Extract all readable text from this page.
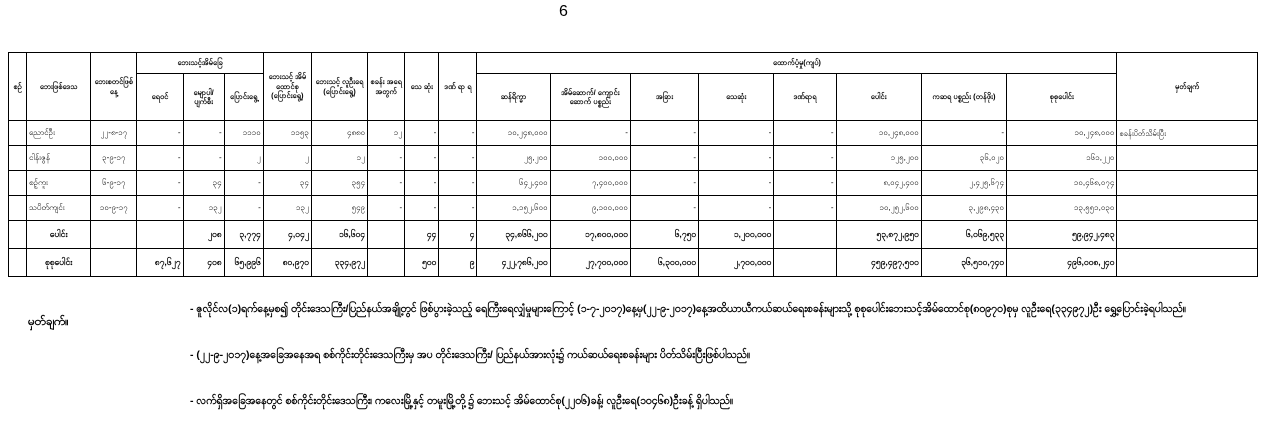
6
စဉ်	ဘေးဖြစ်ဒေသ	ဘေးစတင်ဖြစ်နေ့	ဘေးသင့်အိမ်ခြေ			ဘေးသင့် အိမ် ထောင်စု (ပြောင်းရွေ့)	ဘေးသင့် လူဦးရေ (ပြောင်းရွေ့)	စခန်း အရေ အတွက်	သေ ဆုံး	ဒဏ် ရာ ရ	ထောက်ပံ့မှု(ကျပ်)								မှတ်ချက်
			ရေဝင်	မျောပါ/ ပျက်စီး	ပြောင်းရွေ့						ဆန်ရိက္ခာ	အိမ်ဆောက်/ ကျောင်းဆောက် ပစ္စည်း	အခြား	သေဆုံး	ဒဏ်ရာရ	ပေါင်း	ကဆရ ပစ္စည်း (တန်ဖိုး)	စုစုပေါင်း	
	ညောင်ဦး	၂၂-၈-၁၇	-	-	၁၁၁၀	၁၁၅၃	၄၈၈၀	၁၂	-	-	၁၀,၂၄၈,၀၀၀	-	-	-	-	၁၀,၂၄၈,၀၀၀	-	၁၀,၂၄၈,၀၀၀	စခန်းပိတ်သိမ်းပြီး
	ငါန်းဇွန်	၃-၉-၁၇	-	-	၂	၂	၁၂	-	-	-	၂၅,၂၀၀	၁၀၀,၀၀၀	-	-	-	၁၂၅,၂၀၀	၃၆,၀၂၀	၁၆၁,၂၂၀	
	စဉ့်ကူး	၆-၉-၁၇	-	၃၄	-	၃၄	၃၅၄	-	-	-	၆၄၂,၄၀၀	၇,၄၀၀,၀၀၀	-	-	-	၈,၀၄၂,၄၀၀	၂,၄၂၅,၆၇၄	၁၀,၄၆၈,၀၇၄	
	သပိတ်ကျင်း	၁၀-၉-၁၇	-	၁၃၂	-	၁၃၂	၅၄၉	-	-	-	၁,၁၅၂,၆၀၀	၉,၁၀၀,၀၀၀	-	-	-	၁၀,၂၅၂,၆၀၀	၃,၂၉၈,၄၃၀	၁၃,၅၅၁,၀၃၀	
	ပေါင်း			၂၀၈	၃,၇၇၄	၄,၀၄၂	၁၆,၆၀၄		၄၄	၄	၃၄,၈၆၆,၂၀၀	၁၇,၈၀၀,၀၀၀	၆,၇၅၀	၁,၂၀၀,၀၀၀		၅၃,၈၇၂,၉၅၀	၆,၀၆၉,၅၃၃	၅၉,၉၄၂,၄၈၃	
	စုစုပေါင်း		၈၇,၆၂၇	၄၀၈	၆၅,၉၉၆	၈၀,၉၇၀	၃၃၄,၉၇၂		၅၀၀	၉	၄၂၂,၇၈၆,၂၀၀	၂၇,၇၀၀,၀၀၀	၆,၃၀၀,၀၀၀	၂,၇၀၀,၀၀၀		၄၅၉,၄၉၇,၅၀၀	၃၆,၅၁၀,၇၄၀	၄၉၆,၀၀၈,၂၄၀	
မှတ်ချက်။
- ဇူလိုင်လ(၁)ရက်နေ့မှစ၍ တိုင်းဒေသကြီး/ပြည်နယ်အချို့တွင် ဖြစ်ပွားခဲ့သည့် ရေကြီးရေလျှံမှုများကြောင့် (၁-၇-၂၀၁၇)နေ့မှ(၂၂-၉-၂၀၁၇)နေ့အထိယာယီကယ်ဆယ်ရေးစခန်းများသို့ စုစုပေါင်းဘေးသင့်အိမ်ထောင်စု(၈၀၉၇၀)စုမှ လူဦးရေ(၃၃၄၉၇၂)ဦး ရွှေ့ပြောင်းခဲ့ရပါသည်။
- (၂၂-၉-၂၀၁၇)နေ့အခြေအနေအရ စစ်ကိုင်းတိုင်းဒေသကြီးမှ အပ တိုင်းဒေသကြီး/ ပြည်နယ်အားလုံး၌ ကယ်ဆယ်ရေးစခန်းများ ပိတ်သိမ်းပြီးဖြစ်ပါသည်။
- လက်ရှိအခြေအနေတွင် စစ်ကိုင်းတိုင်းဒေသကြီး၊ ကလေးမြို့နှင့် တမူးမြို့တို့၌ ဘေးသင့် အိမ်ထောင်စု(၂၂၀၆)ခန့်၊ လူဦးရေ(၁၀၄၆၈)ဦးခန့် ရှိပါသည်။
